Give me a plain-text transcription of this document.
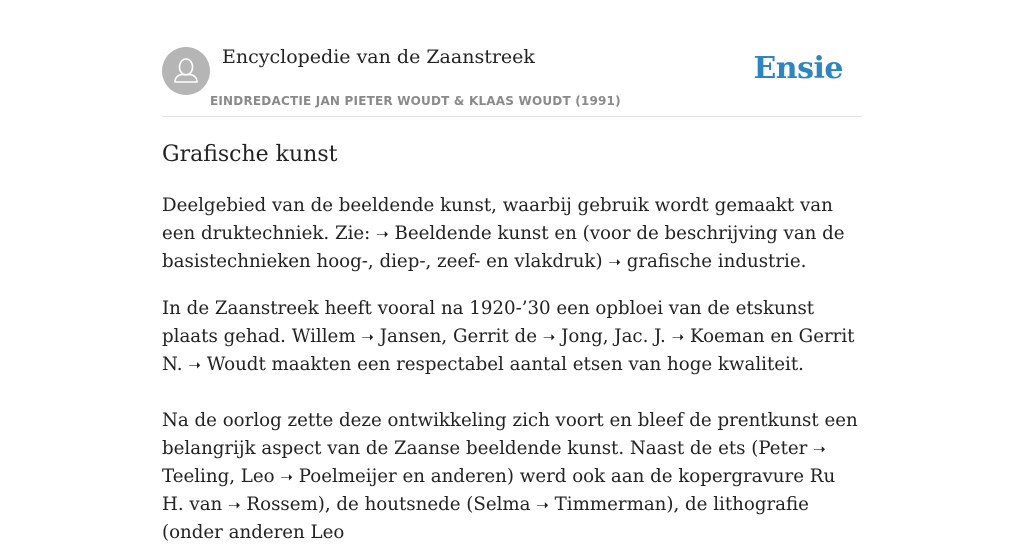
Encyclopedie van de Zaanstreek
EINDREDACTIE JAN PIETER WOUDT & KLAAS WOUDT (1991)
Ensie
Grafische kunst

Deelgebied van de beeldende kunst, waarbij gebruik wordt gemaakt van een druktechniek. Zie: ➝ Beeldende kunst en (voor de beschrijving van de basistechnieken hoog-, diep-, zeef- en vlakdruk) ➝ grafische industrie.

In de Zaanstreek heeft vooral na 1920-’30 een opbloei van de etskunst plaats gehad. Willem ➝ Jansen, Gerrit de ➝ Jong, Jac. J. ➝ Koeman en Gerrit N. ➝ Woudt maakten een respectabel aantal etsen van hoge kwaliteit.

Na de oorlog zette deze ontwikkeling zich voort en bleef de prentkunst een belangrijk aspect van de Zaanse beeldende kunst. Naast de ets (Peter ➝ Teeling, Leo ➝ Poelmeijer en anderen) werd ook aan de kopergravure Ru H. van ➝ Rossem), de houtsnede (Selma ➝ Timmerman), de lithografie (onder anderen Leo
